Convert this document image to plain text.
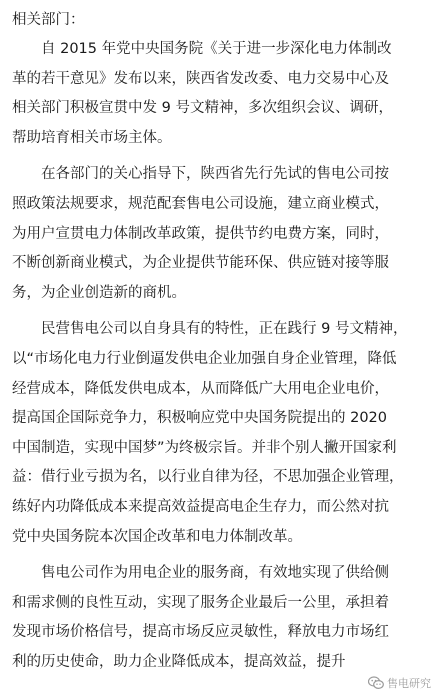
相关部门：

自 2015 年党中央国务院《关于进一步深化电力体制改
革的若干意见》发布以来，陕西省发改委、电力交易中心及
相关部门积极宣贯中发 9 号文精神，多次组织会议、调研，
帮助培育相关市场主体。
在各部门的关心指导下，陕西省先行先试的售电公司按
照政策法规要求，规范配套售电公司设施，建立商业模式，
为用户宣贯电力体制改革政策，提供节约电费方案，同时，
不断创新商业模式，为企业提供节能环保、供应链对接等服
务，为企业创造新的商机。
民营售电公司以自身具有的特性，正在践行 9 号文精神，
以“市场化电力行业倒逼发供电企业加强自身企业管理，降低
经营成本，降低发供电成本，从而降低广大用电企业电价，
提高国企国际竞争力，积极响应党中央国务院提出的 2020
中国制造，实现中国梦”为终极宗旨。并非个别人撇开国家利
益：借行业亏损为名，以行业自律为径，不思加强企业管理，
练好内功降低成本来提高效益提高电企生存力，而公然对抗
党中央国务院本次国企改革和电力体制改革。
售电公司作为用电企业的服务商，有效地实现了供给侧
和需求侧的良性互动，实现了服务企业最后一公里，承担着
发现市场价格信号，提高市场反应灵敏性，释放电力市场红
利的历史使命，助力企业降低成本，提高效益，提升
售电研究
